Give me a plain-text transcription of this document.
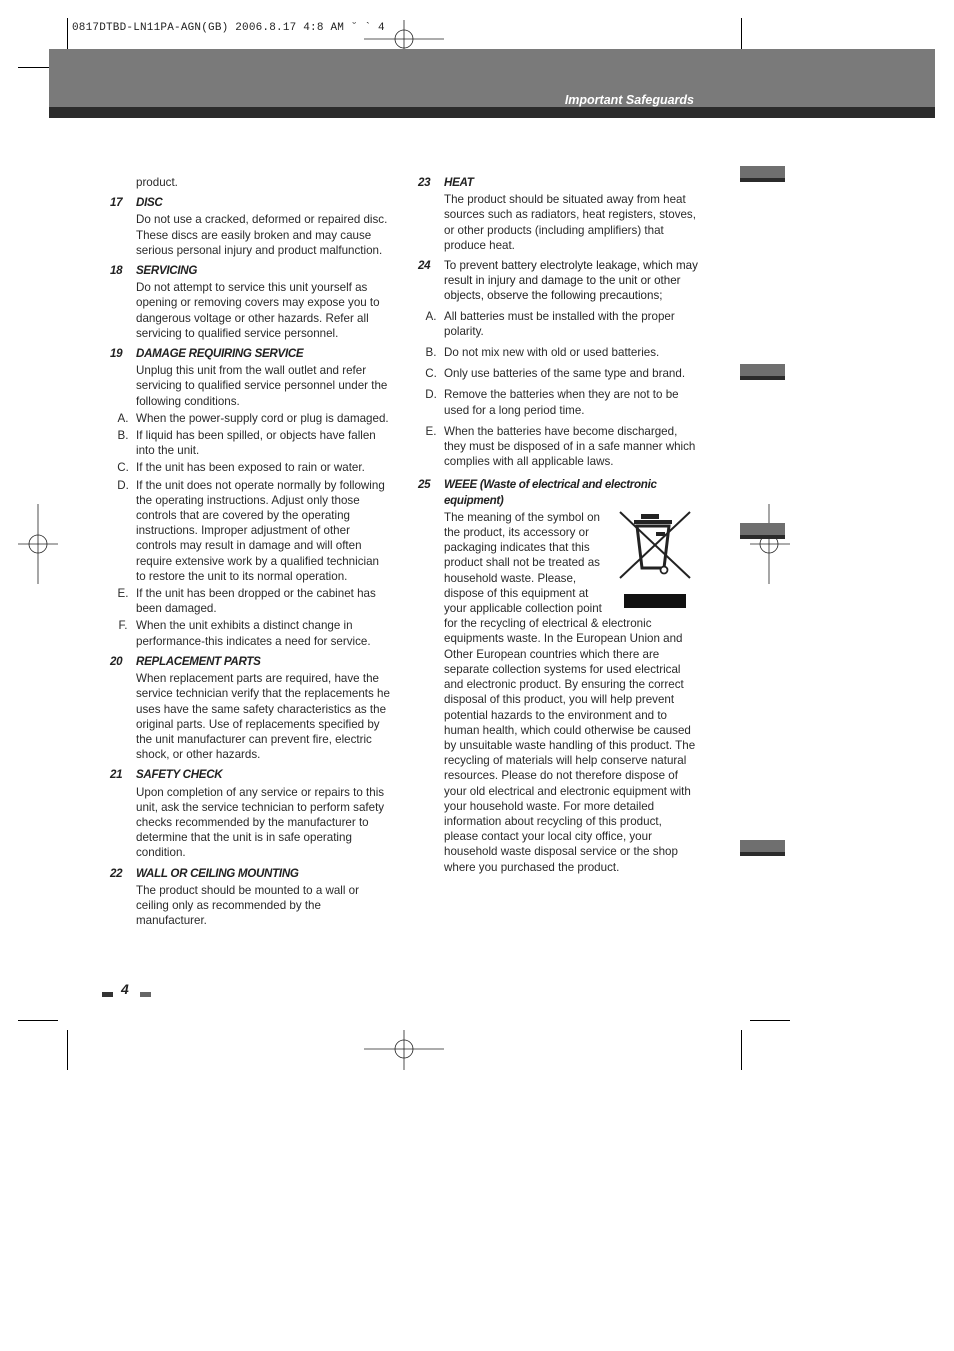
0817DTBD-LN11PA-AGN(GB) 2006.8.17 4:8 AM ˘ ` 4
Important Safeguards
product.
17	DISC
Do not use a cracked, deformed or repaired disc. These discs are easily broken and may cause serious personal injury and product malfunction.
18	SERVICING
Do not attempt to service this unit yourself as opening or removing covers may expose you to dangerous voltage or other hazards. Refer all servicing to qualified service personnel.
19	DAMAGE REQUIRING SERVICE
Unplug this unit from the wall outlet and refer servicing to qualified service personnel under the following conditions.
A. When the power-supply cord or plug is damaged.
B. If liquid has been spilled, or objects have fallen into the unit.
C. If the unit has been exposed to rain or water.
D. If the unit does not operate normally by following the operating instructions. Adjust only those controls that are covered by the operating instructions. Improper adjustment of other controls may result in damage and will often require extensive work by a qualified technician to restore the unit to its normal operation.
E. If the unit has been dropped or the cabinet has been damaged.
F. When the unit exhibits a distinct change in performance-this indicates a need for service.
20	REPLACEMENT PARTS
When replacement parts are required, have the service technician verify that the replacements he uses have the same safety characteristics as the original parts. Use of replacements specified by the unit manufacturer can prevent fire, electric shock, or other hazards.
21	SAFETY CHECK
Upon completion of any service or repairs to this unit, ask the service technician to perform safety checks recommended by the manufacturer to determine that the unit is in safe operating condition.
22	WALL OR CEILING MOUNTING
The product should be mounted to a wall or ceiling only as recommended by the manufacturer.
23	HEAT
The product should be situated away from heat sources such as radiators, heat registers, stoves, or other products (including amplifiers) that produce heat.
24	To prevent battery electrolyte leakage, which may result in injury and damage to the unit or other objects, observe the following precautions;
A. All batteries must be installed with the proper polarity.
B. Do not mix new with old or used batteries.
C. Only use batteries of the same type and brand.
D. Remove the batteries when they are not to be used for a long period time.
E. When the batteries have become discharged, they must be disposed of in a safe manner which complies with all applicable laws.
25	WEEE (Waste of electrical and electronic equipment)
The meaning of the symbol on the product, its accessory or packaging indicates that this product shall not be treated as household waste. Please, dispose of this equipment at your applicable collection point for the recycling of electrical & electronic equipments waste. In the European Union and Other European countries which there are separate collection systems for used electrical and electronic product. By ensuring the correct disposal of this product, you will help prevent potential hazards to the environment and to human health, which could otherwise be caused by unsuitable waste handling of this product. The recycling of materials will help conserve natural resources. Please do not therefore dispose of your old electrical and electronic equipment with your household waste. For more detailed information about recycling of this product, please contact your local city office, your household waste disposal service or the shop where you purchased the product.
4
